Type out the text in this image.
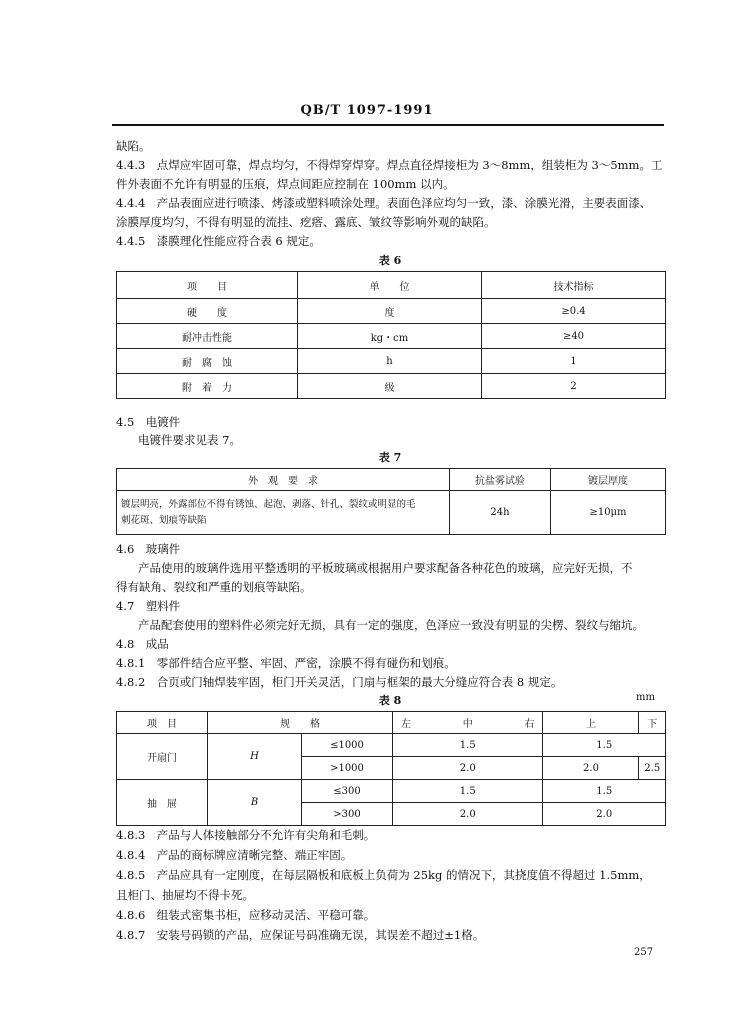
QB/T 1097-1991
缺陷。
4.4.3　点焊应牢固可靠，焊点均匀，不得焊穿焊穿。焊点直径焊接柜为 3～8mm，组装柜为 3～5mm。工
件外表面不允许有明显的压痕，焊点间距应控制在 100mm 以内。
4.4.4　产品表面应进行喷漆、烤漆或塑料喷涂处理。表面色泽应均匀一致，漆、涂膜光滑，主要表面漆、
涂膜厚度均匀，不得有明显的流挂、疙瘩、露底、皱纹等影响外观的缺陷。
4.4.5　漆膜理化性能应符合表 6 规定。
表 6
项　　目	单　　位	技术指标
硬　　度	度	≥0.4
耐冲击性能	kg・cm	≥40
耐　腐　蚀	h	1
附　着　力	级	2
4.5　电镀件
电镀件要求见表 7。
表 7
外　观　要　求	抗盐雾试验	镀层厚度

镀层明亮，外露部位不得有锈蚀、起泡、剥落、针孔、裂纹或明显的毛
刺花斑、划痕等缺陷	24h	≥10μm
4.6　玻璃件
产品使用的玻璃件选用平整透明的平板玻璃或根据用户要求配备各种花色的玻璃，应完好无损，不
得有缺角、裂纹和严重的划痕等缺陷。
4.7　塑料件
产品配套使用的塑料件必须完好无损，具有一定的强度，色泽应一致没有明显的尖楞、裂纹与缩坑。
4.8　成品
4.8.1　零部件结合应平整、牢固、严密，涂膜不得有碰伤和划痕。
4.8.2　合页或门轴焊装牢固，柜门开关灵活，门扇与框架的最大分缝应符合表 8 规定。
表 8	mm
项　目	规　　格		左 中 右	上	下
开扇门	H	≤1000	1.5	1.5	
		>1000	2.0	2.0	2.5
抽　屉	B	≤300	1.5	1.5	
		>300	2.0	2.0	
4.8.3　产品与人体接触部分不允许有尖角和毛刺。
4.8.4　产品的商标牌应清晰完整、端正牢固。
4.8.5　产品应具有一定刚度，在每层隔板和底板上负荷为 25kg 的情况下，其挠度值不得超过 1.5mm，
且柜门、抽屉均不得卡死。
4.8.6　组装式密集书柜，应移动灵活、平稳可靠。
4.8.7　安装号码锁的产品，应保证号码准确无误，其误差不超过±1格。
257
